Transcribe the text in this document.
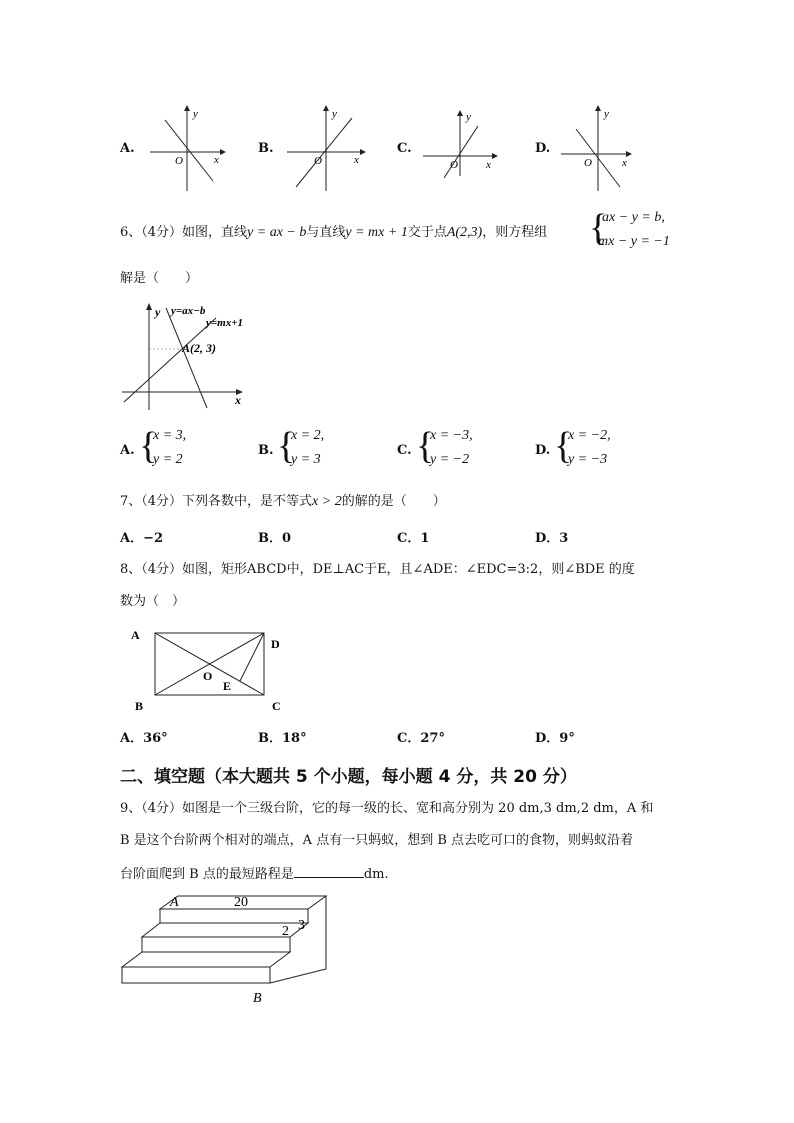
A.
y
x
O
B.
y
x
O
C.
y
x
O
D.
y
x
O
6、（4分）如图，直线y = ax − b与直线y = mx + 1交于点A(2,3)，则方程组 {
ax − y = b,
mx − y = −1
解是（　　）
y
x
y=ax−b
y=mx+1
A(2, 3)
A. {
x = 3,
y = 2
B. {
x = 2,
y = 3
C. {
x = −3,
y = −2
D. {
x = −2,
y = −3
7、（4分）下列各数中，是不等式x > 2的解的是（　　）
A．−2	B．0	C．1	D．3
8、（4分）如图，矩形ABCD中，DE⊥AC于E，且∠ADE：∠EDC=3:2，则∠BDE 的度
数为（　）
A
B	C
D
O
E
A．36°	B．18°	C．27°	D．9°
二、填空题（本大题共 5 个小题，每小题 4 分，共 20 分）
9、（4分）如图是一个三级台阶，它的每一级的长、宽和高分别为 20 dm,3 dm,2 dm，A 和
B 是这个台阶两个相对的端点，A 点有一只蚂蚁，想到 B 点去吃可口的食物，则蚂蚁沿着
台阶面爬到 B 点的最短路程是	dm.
A	20
2 3
B
